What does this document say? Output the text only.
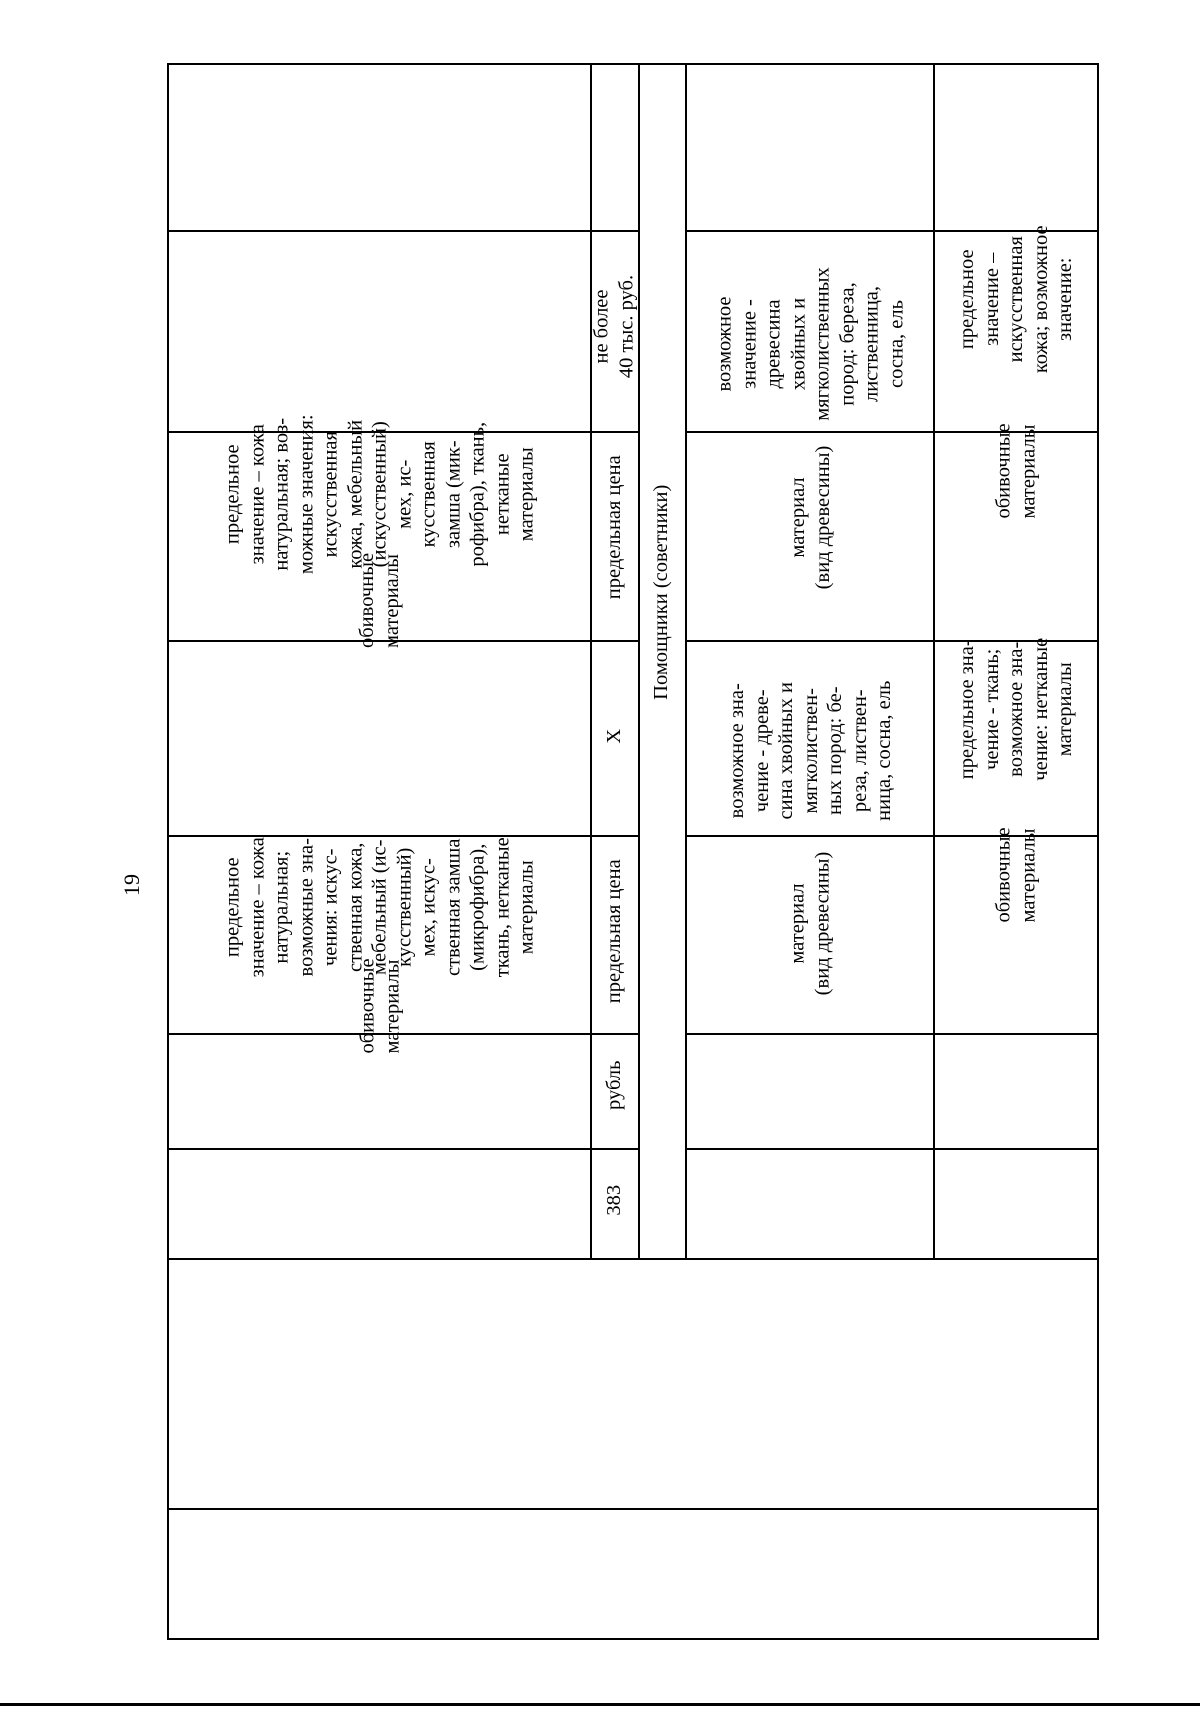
19
обивочные
материалы
предельное
значение – кожа
натуральная;
возможные зна-
чения: искус-
ственная кожа,
мебельный (ис-
кусственный)
мех, искус-
ственная замша
(микрофибра),
ткань, нетканые
материалы
обивочные
материалы
предельное
значение – кожа
натуральная; воз-
можные значения:
искусственная
кожа, мебельный
(искусственный)
мех, ис-
кусственная
замша (мик-
рофибра), ткань,
нетканые
материалы
383
рубль
предельная цена
Х
предельная цена
не более
40 тыс. руб.
Помощники (советники)
материал
(вид древесины)
возможное зна-
чение - древе-
сина хвойных и
мягколиствен-
ных пород: бе-
реза, листвен-
ница, сосна, ель
материал
(вид древесины)
возможное
значение -
древесина
хвойных и
мягколиственных
пород: береза,
лиственница,
сосна, ель
обивочные
материалы
предельное зна-
чение - ткань;
возможное зна-
чение: нетканые
материалы
обивочные
материалы
предельное
значение –
искусственная
кожа; возможное
значение:
